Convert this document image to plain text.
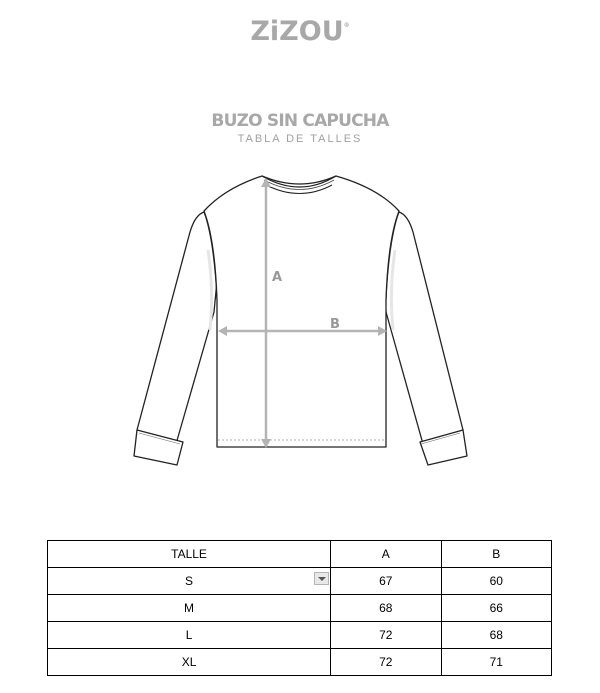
ZiZOU®
BUZO SIN CAPUCHA
TABLA DE TALLES
A
B
TALLE	A	B
S	67	60
M	68	66
L	72	68
XL	72	71
